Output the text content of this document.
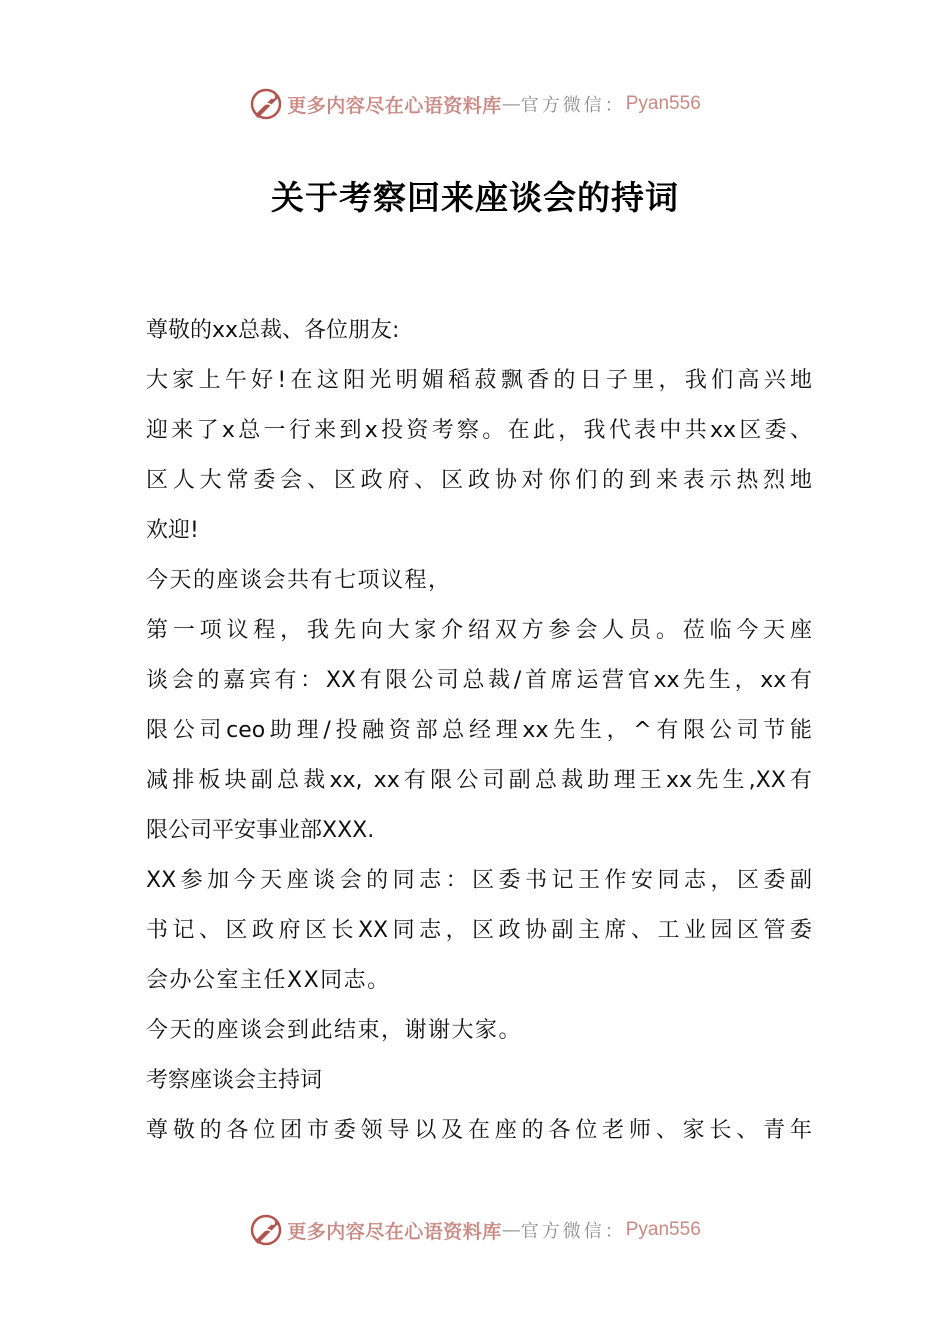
更多内容尽在心语资料库 — 官方微信： Pyan556
关于考察回来座谈会的持词
尊敬的xx总裁、各位朋友:
大家上午好!在这阳光明媚稻菽飘香的日子里，我们高兴地
迎来了x总一行来到x投资考察。在此，我代表中共xx区委、
区人大常委会、区政府、区政协对你们的到来表示热烈地
欢迎!
今天的座谈会共有七项议程，
第一项议程，我先向大家介绍双方参会人员。莅临今天座
谈会的嘉宾有：XX有限公司总裁/首席运营官xx先生，xx有
限公司ceo助理/投融资部总经理xx先生，^有限公司节能
减排板块副总裁xx, xx有限公司副总裁助理王xx先生,XX有
限公司平安事业部XXX.
XX参加今天座谈会的同志：区委书记王作安同志，区委副
书记、区政府区长XX同志，区政协副主席、工业园区管委
会办公室主任XX同志。
今天的座谈会到此结束，谢谢大家。
考察座谈会主持词
尊敬的各位团市委领导以及在座的各位老师、家长、青年
更多内容尽在心语资料库 — 官方微信： Pyan556
